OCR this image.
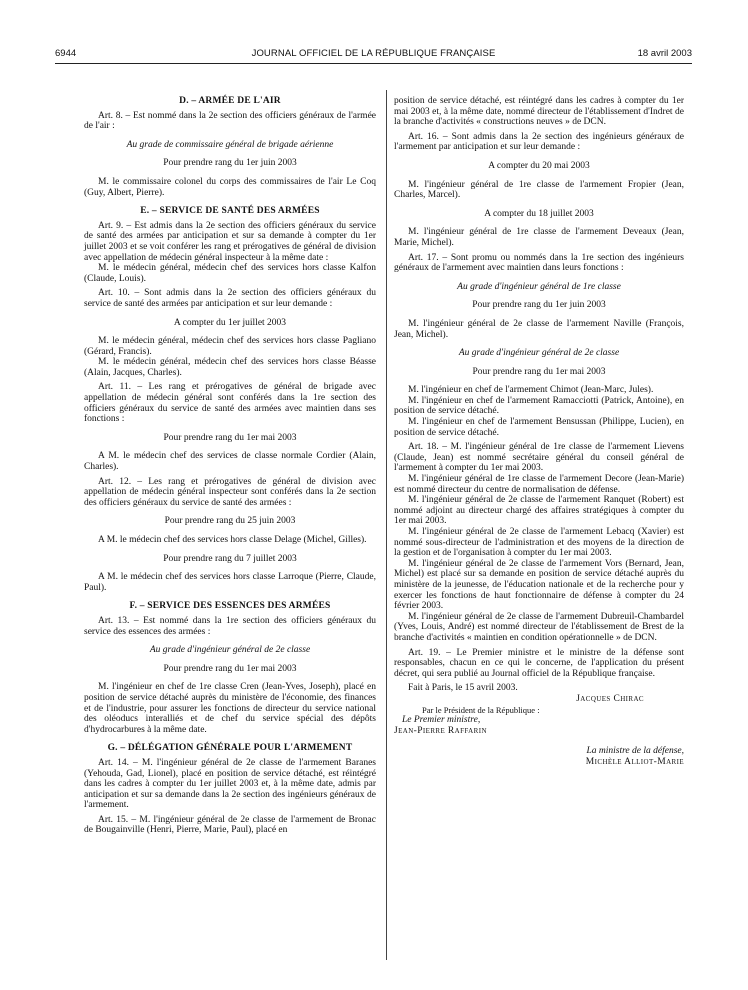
6944	JOURNAL OFFICIEL DE LA RÉPUBLIQUE FRANÇAISE	18 avril 2003

D. – ARMÉE DE L'AIR

Art. 8. – Est nommé dans la 2e section des officiers généraux de l'armée de l'air :

Au grade de commissaire général de brigade aérienne

Pour prendre rang du 1er juin 2003

M. le commissaire colonel du corps des commissaires de l'air Le Coq (Guy, Albert, Pierre).

E. – SERVICE DE SANTÉ DES ARMÉES

Art. 9. – Est admis dans la 2e section des officiers généraux du service de santé des armées par anticipation et sur sa demande à compter du 1er juillet 2003 et se voit conférer les rang et prérogatives de général de division avec appellation de médecin général inspecteur à la même date :

M. le médecin général, médecin chef des services hors classe Kalfon (Claude, Louis).

Art. 10. – Sont admis dans la 2e section des officiers généraux du service de santé des armées par anticipation et sur leur demande :

A compter du 1er juillet 2003

M. le médecin général, médecin chef des services hors classe Pagliano (Gérard, Francis).

M. le médecin général, médecin chef des services hors classe Béasse (Alain, Jacques, Charles).

Art. 11. – Les rang et prérogatives de général de brigade avec appellation de médecin général sont conférés dans la 1re section des officiers généraux du service de santé des armées avec maintien dans ses fonctions :

Pour prendre rang du 1er mai 2003

A M. le médecin chef des services de classe normale Cordier (Alain, Charles).

Art. 12. – Les rang et prérogatives de général de division avec appellation de médecin général inspecteur sont conférés dans la 2e section des officiers généraux du service de santé des armées :

Pour prendre rang du 25 juin 2003

A M. le médecin chef des services hors classe Delage (Michel, Gilles).

Pour prendre rang du 7 juillet 2003

A M. le médecin chef des services hors classe Larroque (Pierre, Claude, Paul).

F. – SERVICE DES ESSENCES DES ARMÉES

Art. 13. – Est nommé dans la 1re section des officiers généraux du service des essences des armées :

Au grade d'ingénieur général de 2e classe

Pour prendre rang du 1er mai 2003

M. l'ingénieur en chef de 1re classe Cren (Jean-Yves, Joseph), placé en position de service détaché auprès du ministère de l'économie, des finances et de l'industrie, pour assurer les fonctions de directeur du service national des oléoducs interalliés et de chef du service spécial des dépôts d'hydrocarbures à la même date.

G. – DÉLÉGATION GÉNÉRALE POUR L'ARMEMENT

Art. 14. – M. l'ingénieur général de 2e classe de l'armement Baranes (Yehouda, Gad, Lionel), placé en position de service détaché, est réintégré dans les cadres à compter du 1er juillet 2003 et, à la même date, admis par anticipation et sur sa demande dans la 2e section des ingénieurs généraux de l'armement.

Art. 15. – M. l'ingénieur général de 2e classe de l'armement de Bronac de Bougainville (Henri, Pierre, Marie, Paul), placé en

position de service détaché, est réintégré dans les cadres à compter du 1er mai 2003 et, à la même date, nommé directeur de l'établissement d'Indret de la branche d'activités « constructions neuves » de DCN.

Art. 16. – Sont admis dans la 2e section des ingénieurs généraux de l'armement par anticipation et sur leur demande :

A compter du 20 mai 2003

M. l'ingénieur général de 1re classe de l'armement Fropier (Jean, Charles, Marcel).

A compter du 18 juillet 2003

M. l'ingénieur général de 1re classe de l'armement Deveaux (Jean, Marie, Michel).

Art. 17. – Sont promu ou nommés dans la 1re section des ingénieurs généraux de l'armement avec maintien dans leurs fonctions :

Au grade d'ingénieur général de 1re classe

Pour prendre rang du 1er juin 2003

M. l'ingénieur général de 2e classe de l'armement Naville (François, Jean, Michel).

Au grade d'ingénieur général de 2e classe

Pour prendre rang du 1er mai 2003

M. l'ingénieur en chef de l'armement Chimot (Jean-Marc, Jules).

M. l'ingénieur en chef de l'armement Ramacciotti (Patrick, Antoine), en position de service détaché.

M. l'ingénieur en chef de l'armement Bensussan (Philippe, Lucien), en position de service détaché.

Art. 18. – M. l'ingénieur général de 1re classe de l'armement Lievens (Claude, Jean) est nommé secrétaire général du conseil général de l'armement à compter du 1er mai 2003.

M. l'ingénieur général de 1re classe de l'armement Decore (Jean-Marie) est nommé directeur du centre de normalisation de défense.

M. l'ingénieur général de 2e classe de l'armement Ranquet (Robert) est nommé adjoint au directeur chargé des affaires stratégiques à compter du 1er mai 2003.

M. l'ingénieur général de 2e classe de l'armement Lebacq (Xavier) est nommé sous-directeur de l'administration et des moyens de la direction de la gestion et de l'organisation à compter du 1er mai 2003.

M. l'ingénieur général de 2e classe de l'armement Vors (Bernard, Jean, Michel) est placé sur sa demande en position de service détaché auprès du ministère de la jeunesse, de l'éducation nationale et de la recherche pour y exercer les fonctions de haut fonctionnaire de défense à compter du 24 février 2003.

M. l'ingénieur général de 2e classe de l'armement Dubreuil-Chambardel (Yves, Louis, André) est nommé directeur de l'établissement de Brest de la branche d'activités « maintien en condition opérationnelle » de DCN.

Art. 19. – Le Premier ministre et le ministre de la défense sont responsables, chacun en ce qui le concerne, de l'application du présent décret, qui sera publié au Journal officiel de la République française.

Fait à Paris, le 15 avril 2003.

Jacques Chirac

Par le Président de la République :

Le Premier ministre,

Jean-Pierre Raffarin

La ministre de la défense,

Michèle Alliot-Marie
